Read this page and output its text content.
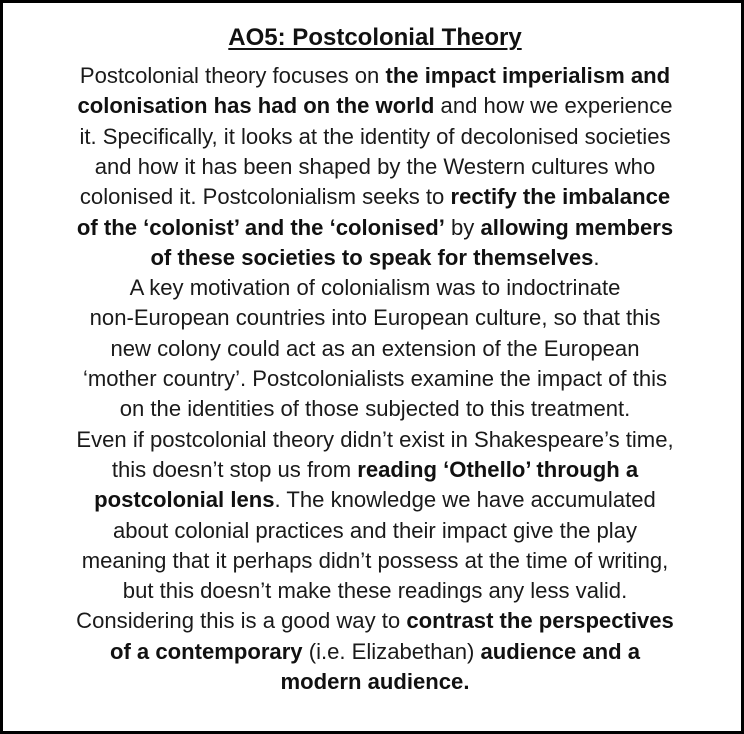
AO5: Postcolonial Theory

Postcolonial theory focuses on the impact imperialism and

colonisation has had on the world and how we experience

it. Specifically, it looks at the identity of decolonised societies

and how it has been shaped by the Western cultures who

colonised it. Postcolonialism seeks to rectify the imbalance

of the ‘colonist’ and the ‘colonised’ by allowing members

of these societies to speak for themselves.

A key motivation of colonialism was to indoctrinate

non-European countries into European culture, so that this

new colony could act as an extension of the European

‘mother country’. Postcolonialists examine the impact of this

on the identities of those subjected to this treatment.

Even if postcolonial theory didn’t exist in Shakespeare’s time,

this doesn’t stop us from reading ‘Othello’ through a

postcolonial lens. The knowledge we have accumulated

about colonial practices and their impact give the play

meaning that it perhaps didn’t possess at the time of writing,

but this doesn’t make these readings any less valid.

Considering this is a good way to contrast the perspectives

of a contemporary (i.e. Elizabethan) audience and a

modern audience.
